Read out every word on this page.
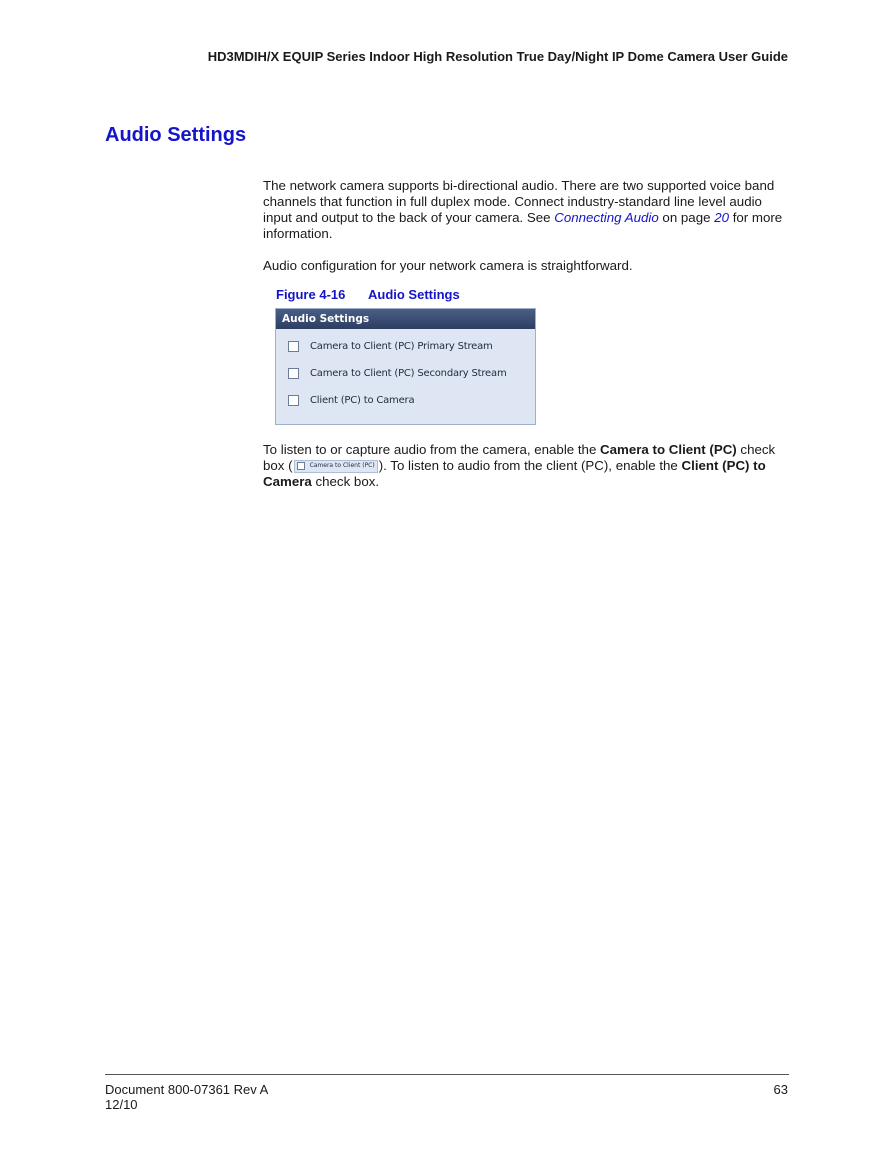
HD3MDIH/X EQUIP Series Indoor High Resolution True Day/Night IP Dome Camera User Guide
Audio Settings

The network camera supports bi-directional audio. There are two supported voice band channels that function in full duplex mode. Connect industry-standard line level audio input and output to the back of your camera. See Connecting Audio on page 20 for more information.

Audio configuration for your network camera is straightforward.

Figure 4-16 Audio Settings
Audio Settings
Camera to Client (PC) Primary Stream
Camera to Client (PC) Secondary Stream
Client (PC) to Camera

To listen to or capture audio from the camera, enable the Camera to Client (PC) check box (	Camera to Client (PC) ). To listen to audio from the client (PC), enable the Client (PC) to Camera check box.

Document 800-07361 Rev A
12/10
63
